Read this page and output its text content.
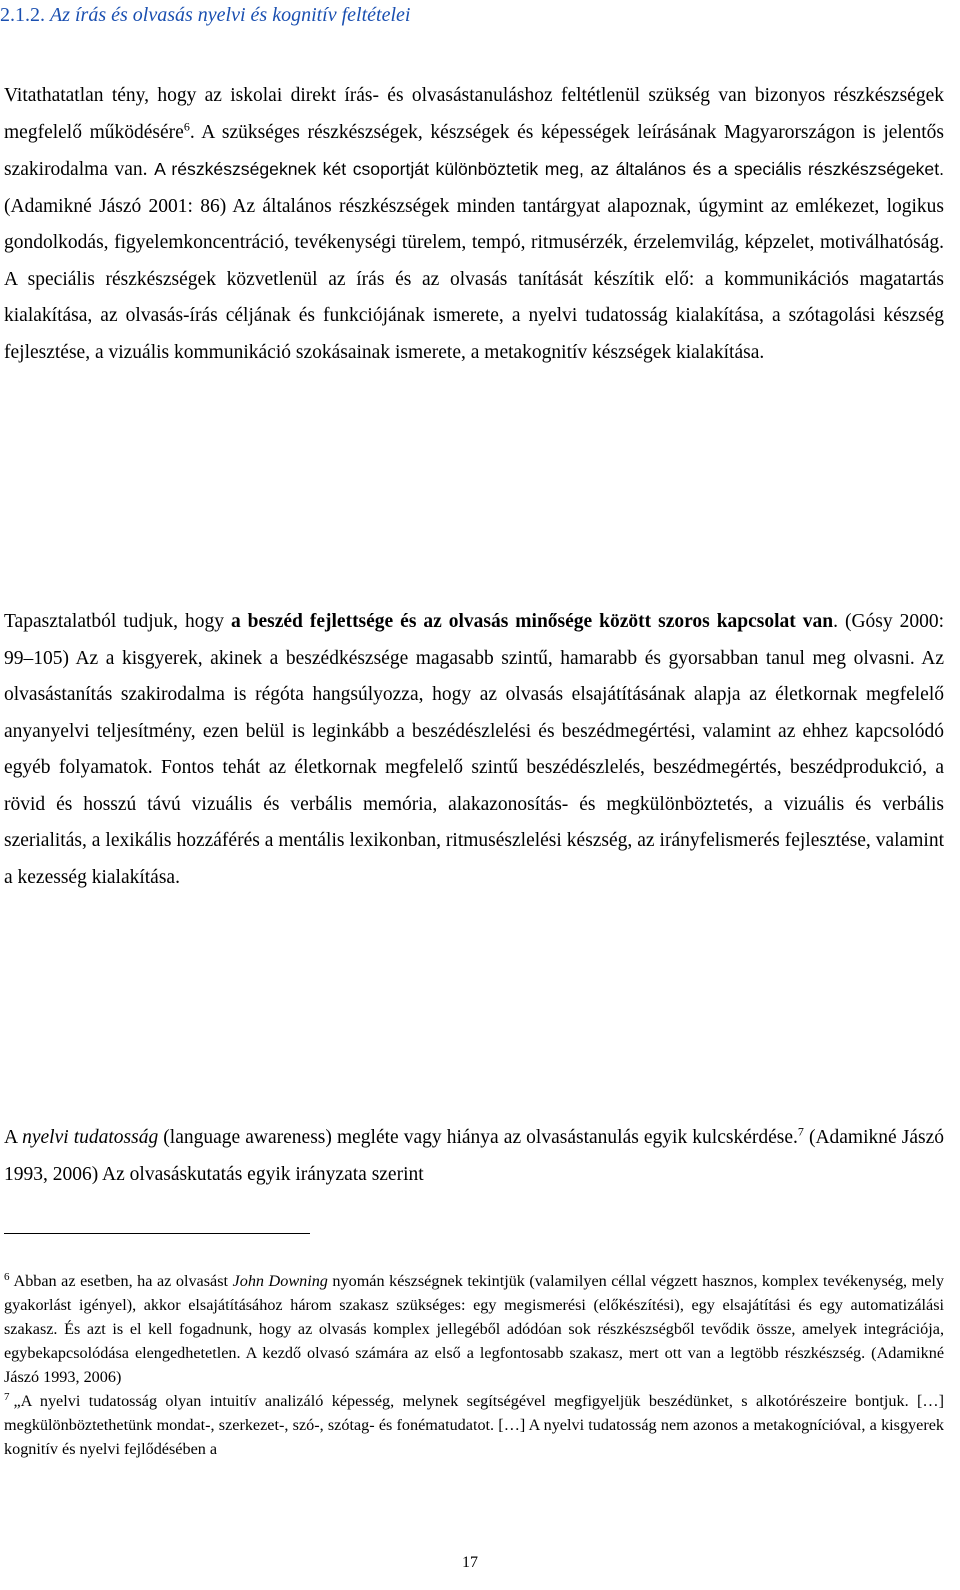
2.1.2. Az írás és olvasás nyelvi és kognitív feltételei

Vitathatatlan tény, hogy az iskolai direkt írás- és olvasástanuláshoz feltétlenül szükség van bizonyos részkészségek megfelelő működésére$^6$. A szükséges részkészségek, készségek és képességek leírásának Magyarországon is jelentős szakirodalma van. A részkészségeknek két csoportját különböztetik meg, az általános és a speciális részkészségeket. (Adamikné Jászó 2001: 86) Az általános részkészségek minden tantárgyat alapoznak, úgymint az emlékezet, logikus gondolkodás, figyelemkoncentráció, tevékenységi türelem, tempó, ritmusérzék, érzelemvilág, képzelet, motiválhatóság. A speciális részkészségek közvetlenül az írás és az olvasás tanítását készítik elő: a kommunikációs magatartás kialakítása, az olvasás-írás céljának és funkciójának ismerete, a nyelvi tudatosság kialakítása, a szótagolási készség fejlesztése, a vizuális kommunikáció szokásainak ismerete, a metakognitív készségek kialakítása.

Tapasztalatból tudjuk, hogy a beszéd fejlettsége és az olvasás minősége között szoros kapcsolat van. (Gósy 2000: 99–105) Az a kisgyerek, akinek a beszédkészsége magasabb szintű, hamarabb és gyorsabban tanul meg olvasni. Az olvasástanítás szakirodalma is régóta hangsúlyozza, hogy az olvasás elsajátításának alapja az életkornak megfelelő anyanyelvi teljesítmény, ezen belül is leginkább a beszédészlelési és beszédmegértési, valamint az ehhez kapcsolódó egyéb folyamatok. Fontos tehát az életkornak megfelelő szintű beszédészlelés, beszédmegértés, beszédprodukció, a rövid és hosszú távú vizuális és verbális memória, alakazonosítás- és megkülönböztetés, a vizuális és verbális szerialitás, a lexikális hozzáférés a mentális lexikonban, ritmusészlelési készség, az irányfelismerés fejlesztése, valamint a kezesség kialakítása.

A nyelvi tudatosság (language awareness) megléte vagy hiánya az olvasástanulás egyik kulcskérdése.$^7$ (Adamikné Jászó 1993, 2006) Az olvasáskutatás egyik irányzata szerint

$^6$ Abban az esetben, ha az olvasást John Downing nyomán készségnek tekintjük (valamilyen céllal végzett hasznos, komplex tevékenység, mely gyakorlást igényel), akkor elsajátításához három szakasz szükséges: egy megismerési (előkészítési), egy elsajátítási és egy automatizálási szakasz. És azt is el kell fogadnunk, hogy az olvasás komplex jellegéből adódóan sok részkészségből tevődik össze, amelyek integrációja, egybekapcsolódása elengedhetetlen. A kezdő olvasó számára az első a legfontosabb szakasz, mert ott van a legtöbb részkészség. (Adamikné Jászó 1993, 2006)

$^7$ „A nyelvi tudatosság olyan intuitív analizáló képesség, melynek segítségével megfigyeljük beszédünket, s alkotórészeire bontjuk. […] megkülönböztethetünk mondat-, szerkezet-, szó-, szótag- és fonématudatot. […] A nyelvi tudatosság nem azonos a metakognícióval, a kisgyerek kognitív és nyelvi fejlődésében a

17
